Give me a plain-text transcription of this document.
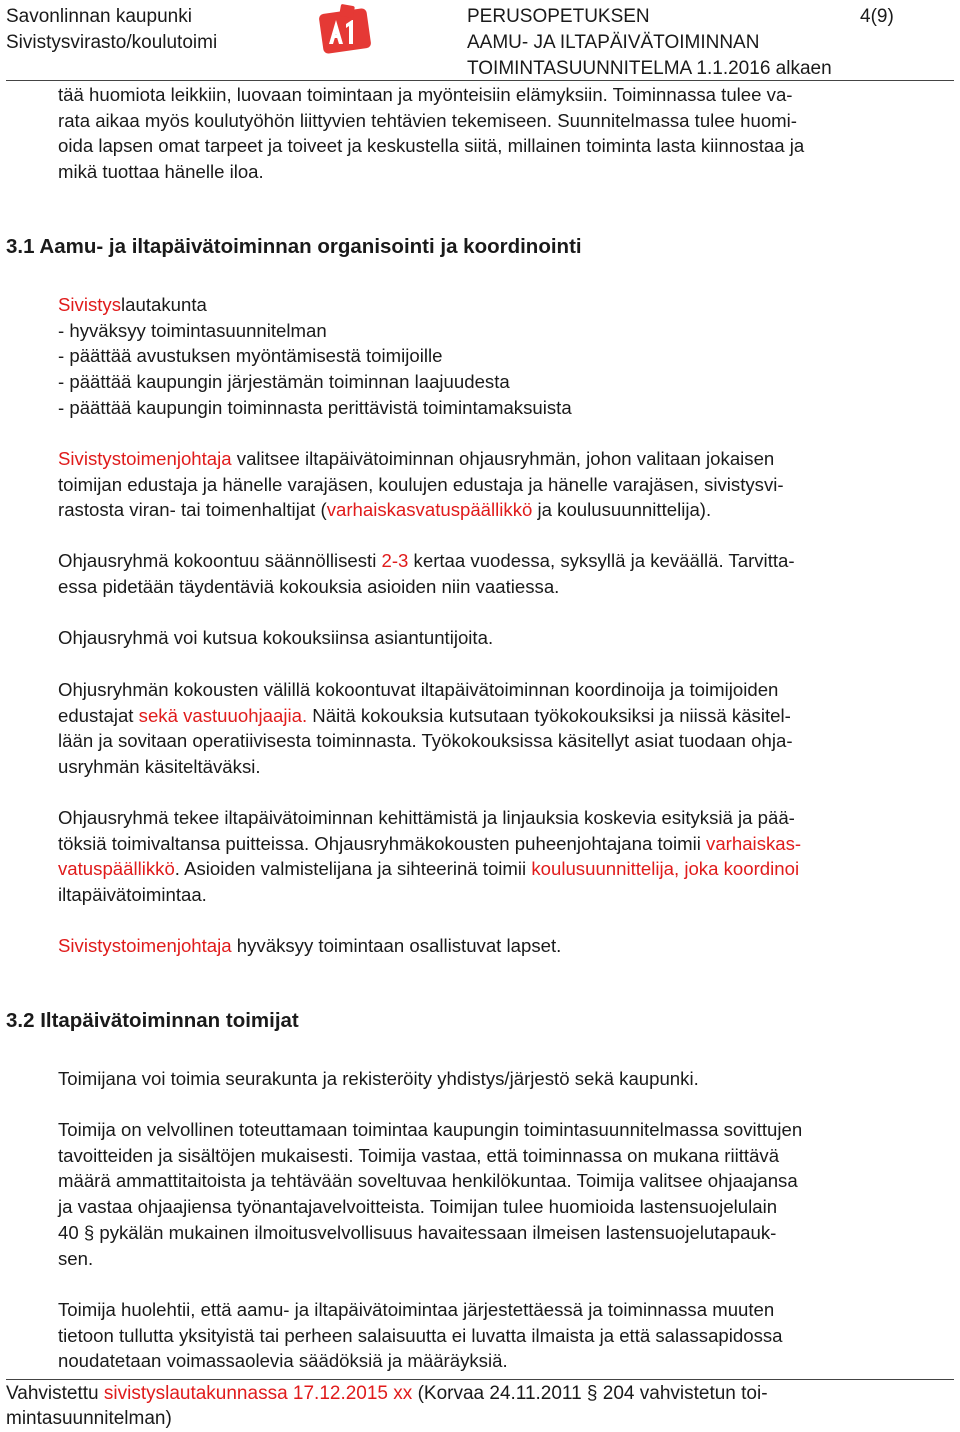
Savonlinnan kaupunki
Sivistysvirasto/koulutoimi
PERUSOPETUKSEN
AAMU- JA ILTAPÄIVÄTOIMINNAN
TOIMINTASUUNNITELMA 1.1.2016 alkaen
4(9)

tää huomiota leikkiin, luovaan toimintaan ja myönteisiin elämyksiin. Toiminnassa tulee va-

rata aikaa myös koulutyöhön liittyvien tehtävien tekemiseen. Suunnitelmassa tulee huomi-

oida lapsen omat tarpeet ja toiveet ja keskustella siitä, millainen toiminta lasta kiinnostaa ja

mikä tuottaa hänelle iloa.

3.1 Aamu- ja iltapäivätoiminnan organisointi ja koordinointi

Sivistyslautakunta

- hyväksyy toimintasuunnitelman

- päättää avustuksen myöntämisestä toimijoille

- päättää kaupungin järjestämän toiminnan laajuudesta

- päättää kaupungin toiminnasta perittävistä toimintamaksuista

Sivistystoimenjohtaja valitsee iltapäivätoiminnan ohjausryhmän, johon valitaan jokaisen

toimijan edustaja ja hänelle varajäsen, koulujen edustaja ja hänelle varajäsen, sivistysvi-

rastosta viran- tai toimenhaltijat (varhaiskasvatuspäällikkö ja koulusuunnittelija).

Ohjausryhmä kokoontuu säännöllisesti 2-3 kertaa vuodessa, syksyllä ja keväällä. Tarvitta-

essa pidetään täydentäviä kokouksia asioiden niin vaatiessa.

Ohjausryhmä voi kutsua kokouksiinsa asiantuntijoita.

Ohjusryhmän kokousten välillä kokoontuvat iltapäivätoiminnan koordinoija ja toimijoiden

edustajat sekä vastuuohjaajia. Näitä kokouksia kutsutaan työkokouksiksi ja niissä käsitel-

lään ja sovitaan operatiivisesta toiminnasta. Työkokouksissa käsitellyt asiat tuodaan ohja-

usryhmän käsiteltäväksi.

Ohjausryhmä tekee iltapäivätoiminnan kehittämistä ja linjauksia koskevia esityksiä ja pää-

töksiä toimivaltansa puitteissa. Ohjausryhmäkokousten puheenjohtajana toimii varhaiskas-

vatuspäällikkö. Asioiden valmistelijana ja sihteerinä toimii koulusuunnittelija, joka koordinoi

iltapäivätoimintaa.

Sivistystoimenjohtaja hyväksyy toimintaan osallistuvat lapset.

3.2 Iltapäivätoiminnan toimijat

Toimijana voi toimia seurakunta ja rekisteröity yhdistys/järjestö sekä kaupunki.

Toimija on velvollinen toteuttamaan toimintaa kaupungin toimintasuunnitelmassa sovittujen

tavoitteiden ja sisältöjen mukaisesti. Toimija vastaa, että toiminnassa on mukana riittävä

määrä ammattitaitoista ja tehtävään soveltuvaa henkilökuntaa. Toimija valitsee ohjaajansa

ja vastaa ohjaajiensa työnantajavelvoitteista. Toimijan tulee huomioida lastensuojelulain

40 § pykälän mukainen ilmoitusvelvollisuus havaitessaan ilmeisen lastensuojelutapauk-

sen.

Toimija huolehtii, että aamu- ja iltapäivätoimintaa järjestettäessä ja toiminnassa muuten

tietoon tullutta yksityistä tai perheen salaisuutta ei luvatta ilmaista ja että salassapidossa

noudatetaan voimassaolevia säädöksiä ja määräyksiä.

Vahvistettu sivistyslautakunnassa 17.12.2015 xx (Korvaa 24.11.2011 § 204 vahvistetun toi-
mintasuunnitelman)
